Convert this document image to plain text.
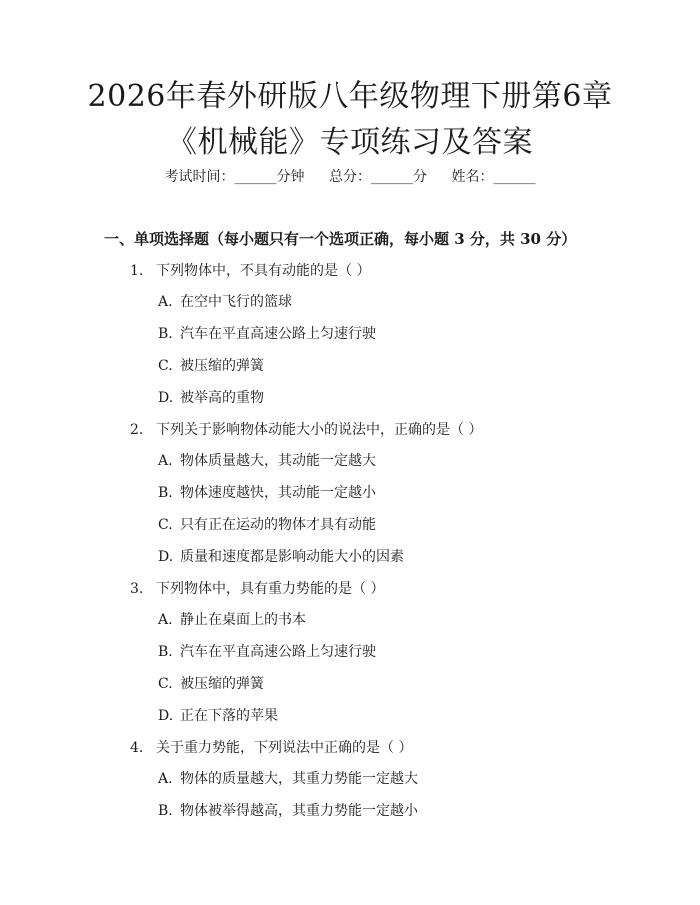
2026年春外研版八年级物理下册第6章《机械能》专项练习及答案
考试时间：______分钟 总分：______分 姓名：______
一、单项选择题（每小题只有一个选项正确，每小题 3 分，共 30 分）
1. 下列物体中，不具有动能的是（ ）
A. 在空中飞行的篮球
B. 汽车在平直高速公路上匀速行驶
C. 被压缩的弹簧
D. 被举高的重物
2. 下列关于影响物体动能大小的说法中，正确的是（ ）
A. 物体质量越大，其动能一定越大
B. 物体速度越快，其动能一定越小
C. 只有正在运动的物体才具有动能
D. 质量和速度都是影响动能大小的因素
3. 下列物体中，具有重力势能的是（ ）
A. 静止在桌面上的书本
B. 汽车在平直高速公路上匀速行驶
C. 被压缩的弹簧
D. 正在下落的苹果
4. 关于重力势能，下列说法中正确的是（ ）
A. 物体的质量越大，其重力势能一定越大
B. 物体被举得越高，其重力势能一定越小
